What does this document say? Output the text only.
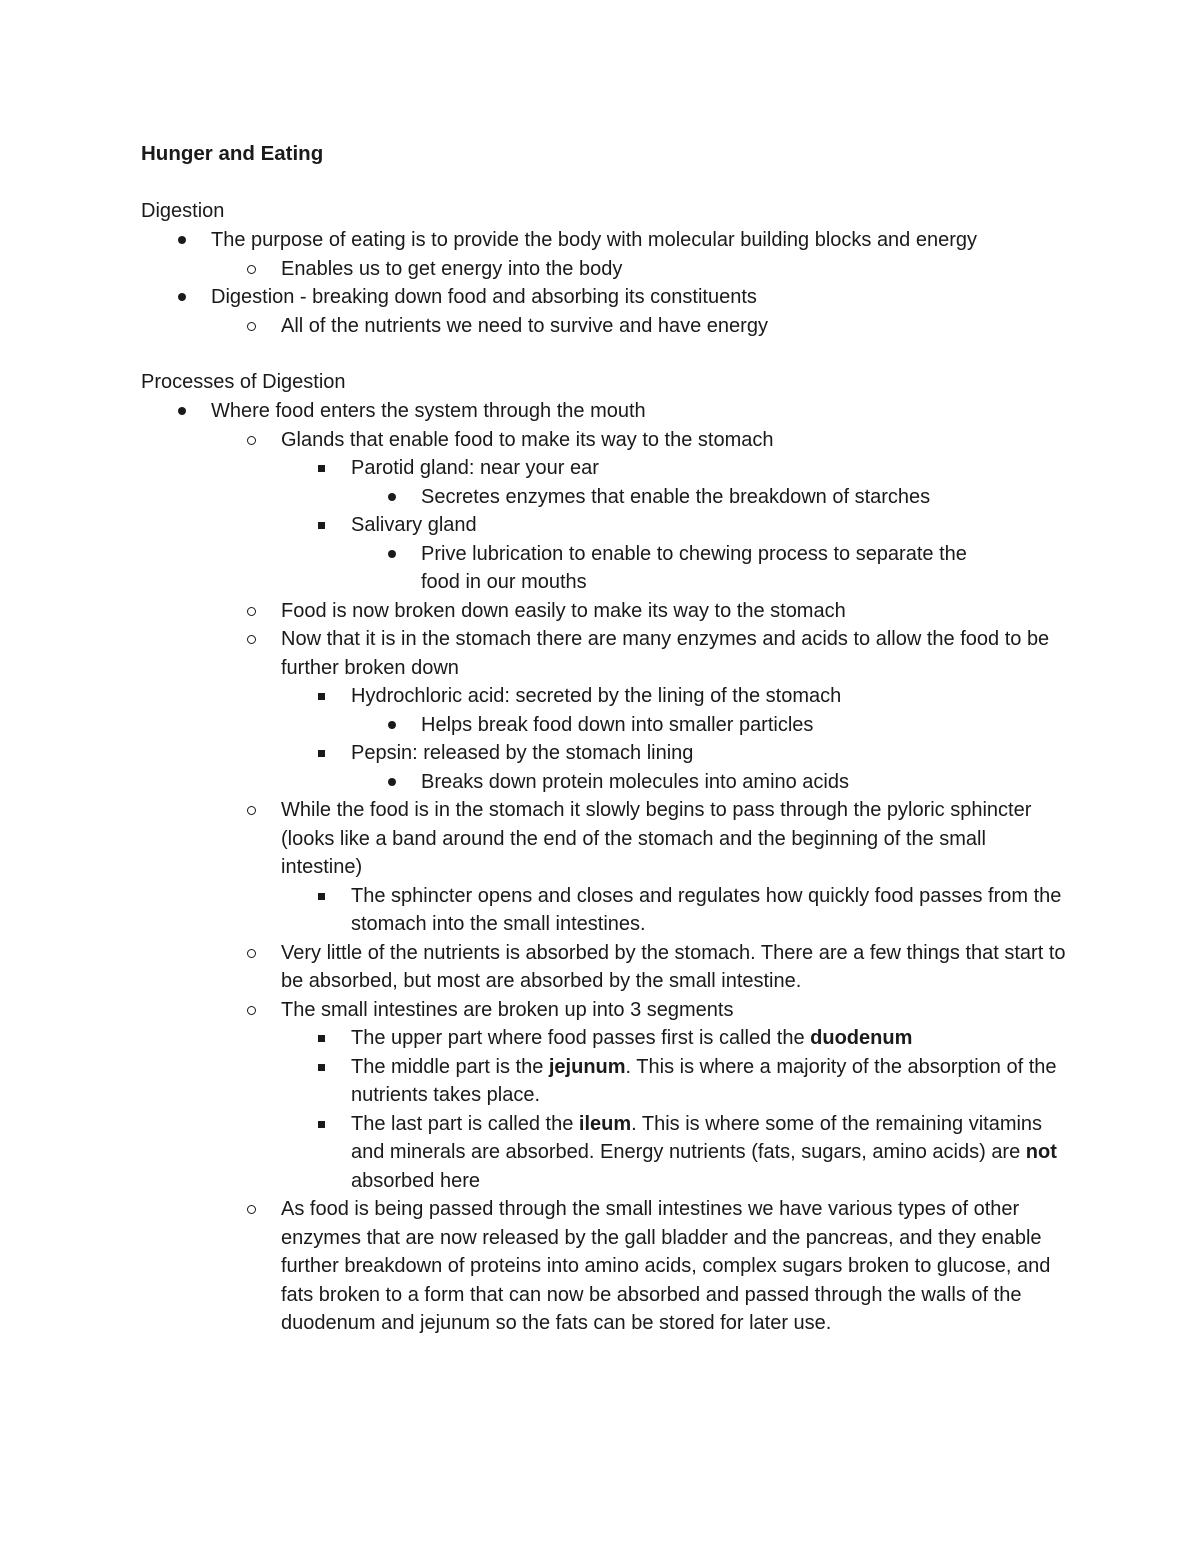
Hunger and Eating
Digestion
The purpose of eating is to provide the body with molecular building blocks and energy
Enables us to get energy into the body
Digestion - breaking down food and absorbing its constituents
All of the nutrients we need to survive and have energy
Processes of Digestion
Where food enters the system through the mouth
Glands that enable food to make its way to the stomach
Parotid gland: near your ear
Secretes enzymes that enable the breakdown of starches
Salivary gland
Prive lubrication to enable to chewing process to separate the food in our mouths
Food is now broken down easily to make its way to the stomach
Now that it is in the stomach there are many enzymes and acids to allow the food to be further broken down
Hydrochloric acid: secreted by the lining of the stomach
Helps break food down into smaller particles
Pepsin: released by the stomach lining
Breaks down protein molecules into amino acids
While the food is in the stomach it slowly begins to pass through the pyloric sphincter (looks like a band around the end of the stomach and the beginning of the small intestine)
The sphincter opens and closes and regulates how quickly food passes from the stomach into the small intestines.
Very little of the nutrients is absorbed by the stomach. There are a few things that start to be absorbed, but most are absorbed by the small intestine.
The small intestines are broken up into 3 segments
The upper part where food passes first is called the duodenum
The middle part is the jejunum. This is where a majority of the absorption of the nutrients takes place.
The last part is called the ileum. This is where some of the remaining vitamins and minerals are absorbed. Energy nutrients (fats, sugars, amino acids) are not absorbed here
As food is being passed through the small intestines we have various types of other enzymes that are now released by the gall bladder and the pancreas, and they enable further breakdown of proteins into amino acids, complex sugars broken to glucose, and fats broken to a form that can now be absorbed and passed through the walls of the duodenum and jejunum so the fats can be stored for later use.
